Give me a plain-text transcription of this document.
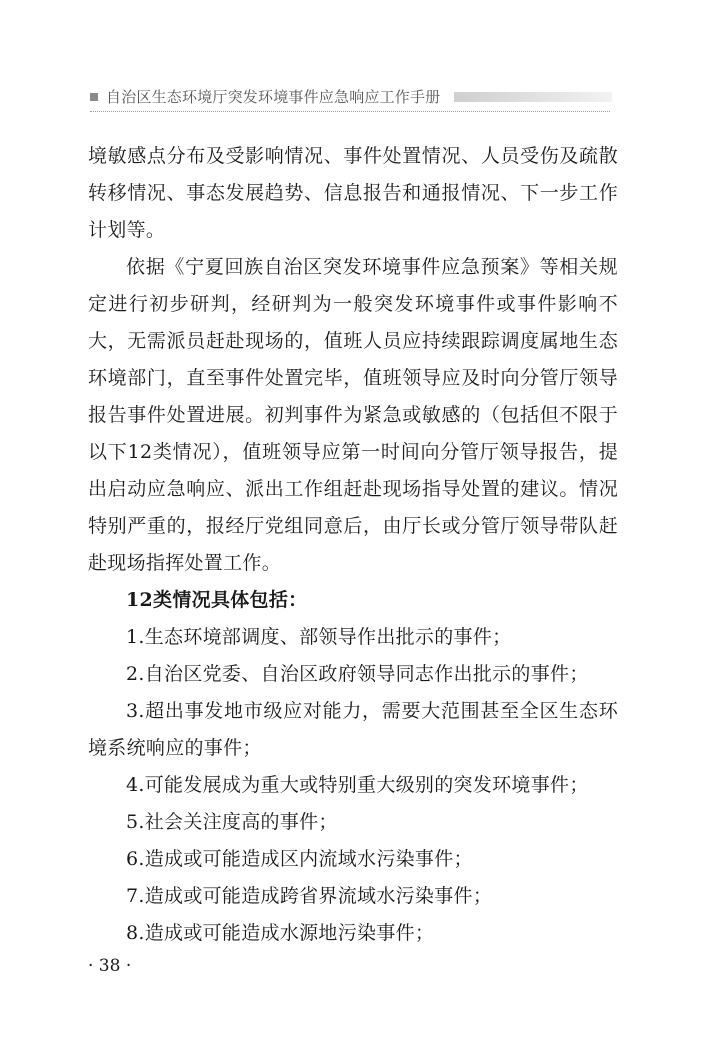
自治区生态环境厅突发环境事件应急响应工作手册

境敏感点分布及受影响情况、事件处置情况、人员受伤及疏散转移情况、事态发展趋势、信息报告和通报情况、下一步工作计划等。

依据《宁夏回族自治区突发环境事件应急预案》等相关规定进行初步研判，经研判为一般突发环境事件或事件影响不大，无需派员赶赴现场的，值班人员应持续跟踪调度属地生态环境部门，直至事件处置完毕，值班领导应及时向分管厅领导报告事件处置进展。初判事件为紧急或敏感的（包括但不限于以下12类情况），值班领导应第一时间向分管厅领导报告，提出启动应急响应、派出工作组赶赴现场指导处置的建议。情况特别严重的，报经厅党组同意后，由厅长或分管厅领导带队赶赴现场指挥处置工作。

12类情况具体包括：

1.生态环境部调度、部领导作出批示的事件；

2.自治区党委、自治区政府领导同志作出批示的事件；

3.超出事发地市级应对能力，需要大范围甚至全区生态环境系统响应的事件；

4.可能发展成为重大或特别重大级别的突发环境事件；

5.社会关注度高的事件；

6.造成或可能造成区内流域水污染事件；

7.造成或可能造成跨省界流域水污染事件；

8.造成或可能造成水源地污染事件；

· 38 ·
